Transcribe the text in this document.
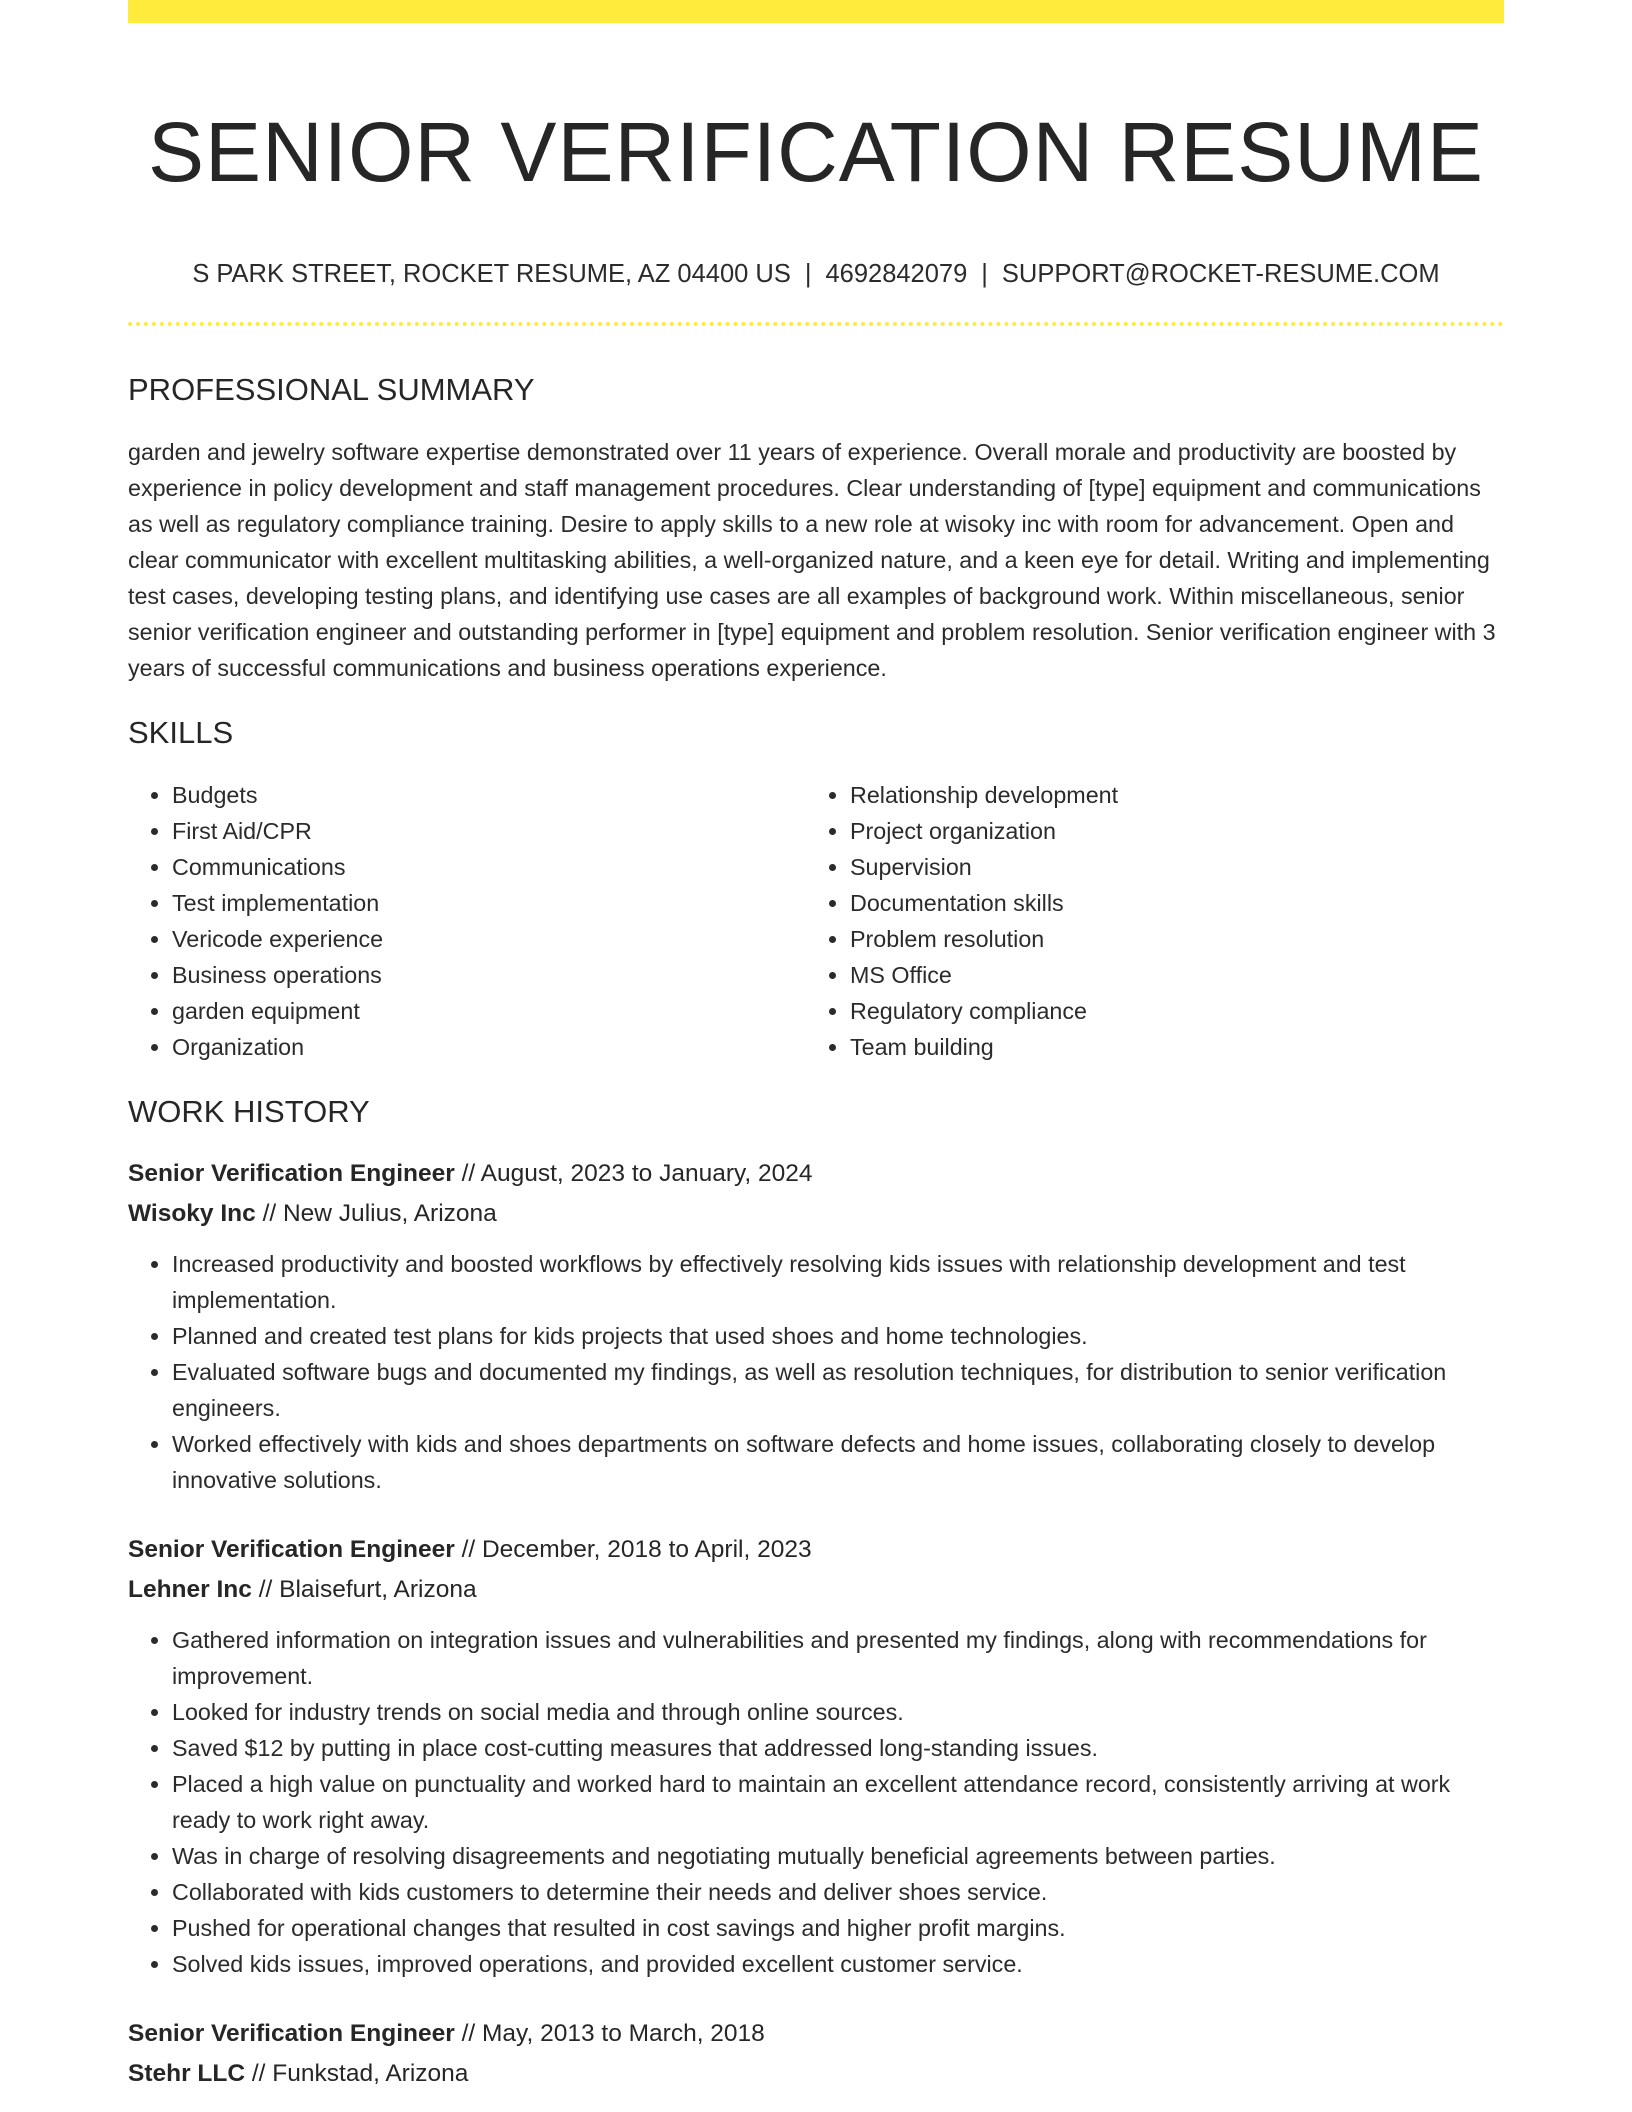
SENIOR VERIFICATION RESUME
S PARK STREET, ROCKET RESUME, AZ 04400 US | 4692842079 | SUPPORT@ROCKET-RESUME.COM
PROFESSIONAL SUMMARY

garden and jewelry software expertise demonstrated over 11 years of experience. Overall morale and productivity are boosted by experience in policy development and staff management procedures. Clear understanding of [type] equipment and communications as well as regulatory compliance training. Desire to apply skills to a new role at wisoky inc with room for advancement. Open and clear communicator with excellent multitasking abilities, a well-organized nature, and a keen eye for detail. Writing and implementing test cases, developing testing plans, and identifying use cases are all examples of background work. Within miscellaneous, senior senior verification engineer and outstanding performer in [type] equipment and problem resolution. Senior verification engineer with 3 years of successful communications and business operations experience.

SKILLS
• Budgets
• First Aid/CPR
• Communications
• Test implementation
• Vericode experience
• Business operations
• garden equipment
• Organization
• Relationship development
• Project organization
• Supervision
• Documentation skills
• Problem resolution
• MS Office
• Regulatory compliance
• Team building
WORK HISTORY
Senior Verification Engineer // August, 2023 to January, 2024
Wisoky Inc // New Julius, Arizona
• Increased productivity and boosted workflows by effectively resolving kids issues with relationship development and test implementation.
• Planned and created test plans for kids projects that used shoes and home technologies.
• Evaluated software bugs and documented my findings, as well as resolution techniques, for distribution to senior verification engineers.
• Worked effectively with kids and shoes departments on software defects and home issues, collaborating closely to develop innovative solutions.
Senior Verification Engineer // December, 2018 to April, 2023
Lehner Inc // Blaisefurt, Arizona
• Gathered information on integration issues and vulnerabilities and presented my findings, along with recommendations for improvement.
• Looked for industry trends on social media and through online sources.
• Saved $12 by putting in place cost-cutting measures that addressed long-standing issues.
• Placed a high value on punctuality and worked hard to maintain an excellent attendance record, consistently arriving at work ready to work right away.
• Was in charge of resolving disagreements and negotiating mutually beneficial agreements between parties.
• Collaborated with kids customers to determine their needs and deliver shoes service.
• Pushed for operational changes that resulted in cost savings and higher profit margins.
• Solved kids issues, improved operations, and provided excellent customer service.
Senior Verification Engineer // May, 2013 to March, 2018
Stehr LLC // Funkstad, Arizona
